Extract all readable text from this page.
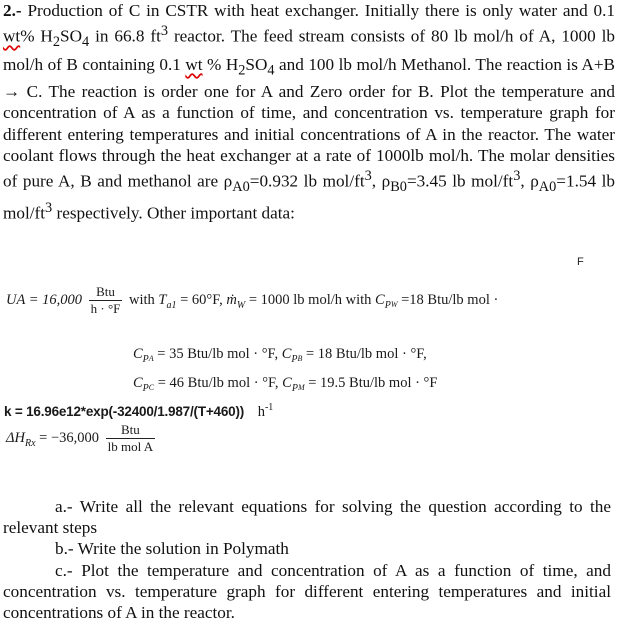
2.- Production of C in CSTR with heat exchanger. Initially there is only water and 0.1 wt% $H_2SO_4$ in 66.8 $ft^3$ reactor. The feed stream consists of 80 lb mol/h of A, 1000 lb mol/h of B containing 0.1 wt % $H_2SO_4$ and 100 lb mol/h Methanol. The reaction is A+B → C. The reaction is order one for A and Zero order for B. Plot the temperature and concentration of A as a function of time, and concentration vs. temperature graph for different entering temperatures and initial concentrations of A in the reactor. The water coolant flows through the heat exchanger at a rate of 1000lb mol/h. The molar densities of pure A, B and methanol are $\rho_{A0}=0.932$ lb mol/$ft^3$, $\rho_{B0}=3.45$ lb mol/$ft^3$, $\rho_{A0}=1.54$ lb mol/$ft^3$ respectively. Other important data:
F
UA = $16,000 \frac{\text{Btu}}{h \cdot ^\circ F}$ with $T_{a1} = 60^\circ F$, ṁ$_W$ = 1000 lb mol/h with $C_{PW} =18$ Btu/lb mol ·
$C_{PA} = 35$ Btu/lb mol · °F, $C_{PB} = 18$ Btu/lb mol · °F,
$C_{PC} = 46$ Btu/lb mol · °F, $C_{PM} = 19.5$ Btu/lb mol · °F
k = 16.96e12*exp(-32400/1.987/(T+460)) $h^{-1}$
$\Delta H_{Rx} = -36,000 \frac{\text{Btu}}{\text{lb mol A}}$
a.- Write all the relevant equations for solving the question according to the relevant steps
b.- Write the solution in Polymath
c.- Plot the temperature and concentration of A as a function of time, and concentration vs. temperature graph for different entering temperatures and initial concentrations of A in the reactor.
